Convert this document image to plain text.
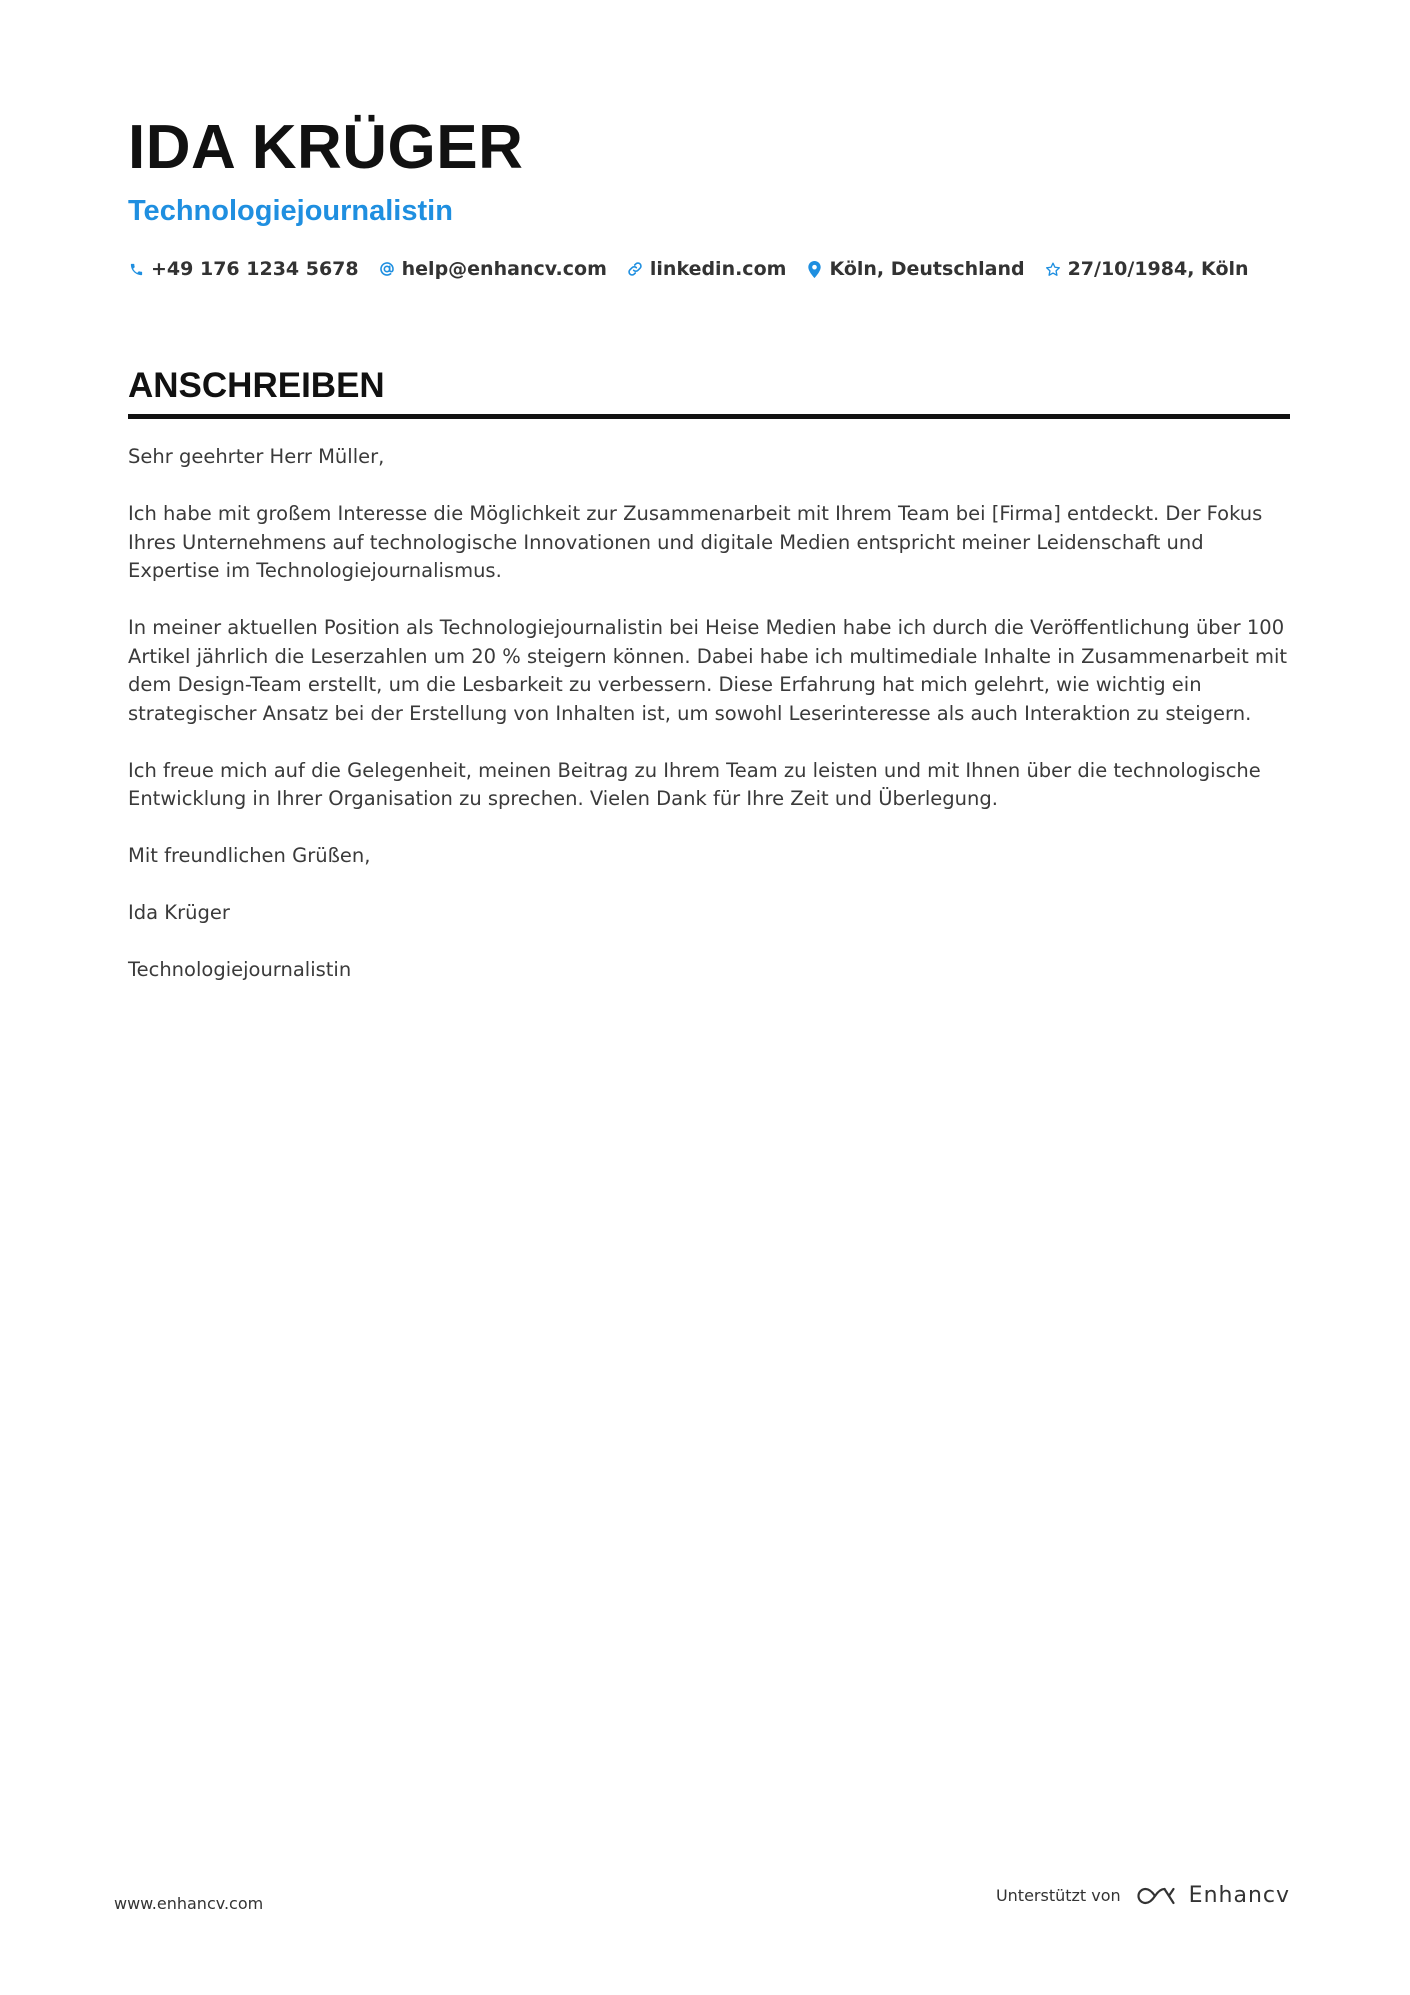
IDA KRÜGER
Technologiejournalistin
+49 176 1234 5678 help@enhancv.com linkedin.com Köln, Deutschland 27/10/1984, Köln
ANSCHREIBEN

Sehr geehrter Herr Müller,

Ich habe mit großem Interesse die Möglichkeit zur Zusammenarbeit mit Ihrem Team bei [Firma] entdeckt. Der Fokus Ihres Unternehmens auf technologische Innovationen und digitale Medien entspricht meiner Leidenschaft und Expertise im Technologiejournalismus.

In meiner aktuellen Position als Technologiejournalistin bei Heise Medien habe ich durch die Veröffentlichung über 100 Artikel jährlich die Leserzahlen um 20 % steigern können. Dabei habe ich multimediale Inhalte in Zusammenarbeit mit dem Design-Team erstellt, um die Lesbarkeit zu verbessern. Diese Erfahrung hat mich gelehrt, wie wichtig ein strategischer Ansatz bei der Erstellung von Inhalten ist, um sowohl Leserinteresse als auch Interaktion zu steigern.

Ich freue mich auf die Gelegenheit, meinen Beitrag zu Ihrem Team zu leisten und mit Ihnen über die technologische Entwicklung in Ihrer Organisation zu sprechen. Vielen Dank für Ihre Zeit und Überlegung.

Mit freundlichen Grüßen,

Ida Krüger

Technologiejournalistin

www.enhancv.com	Unterstützt von	Enhancv
